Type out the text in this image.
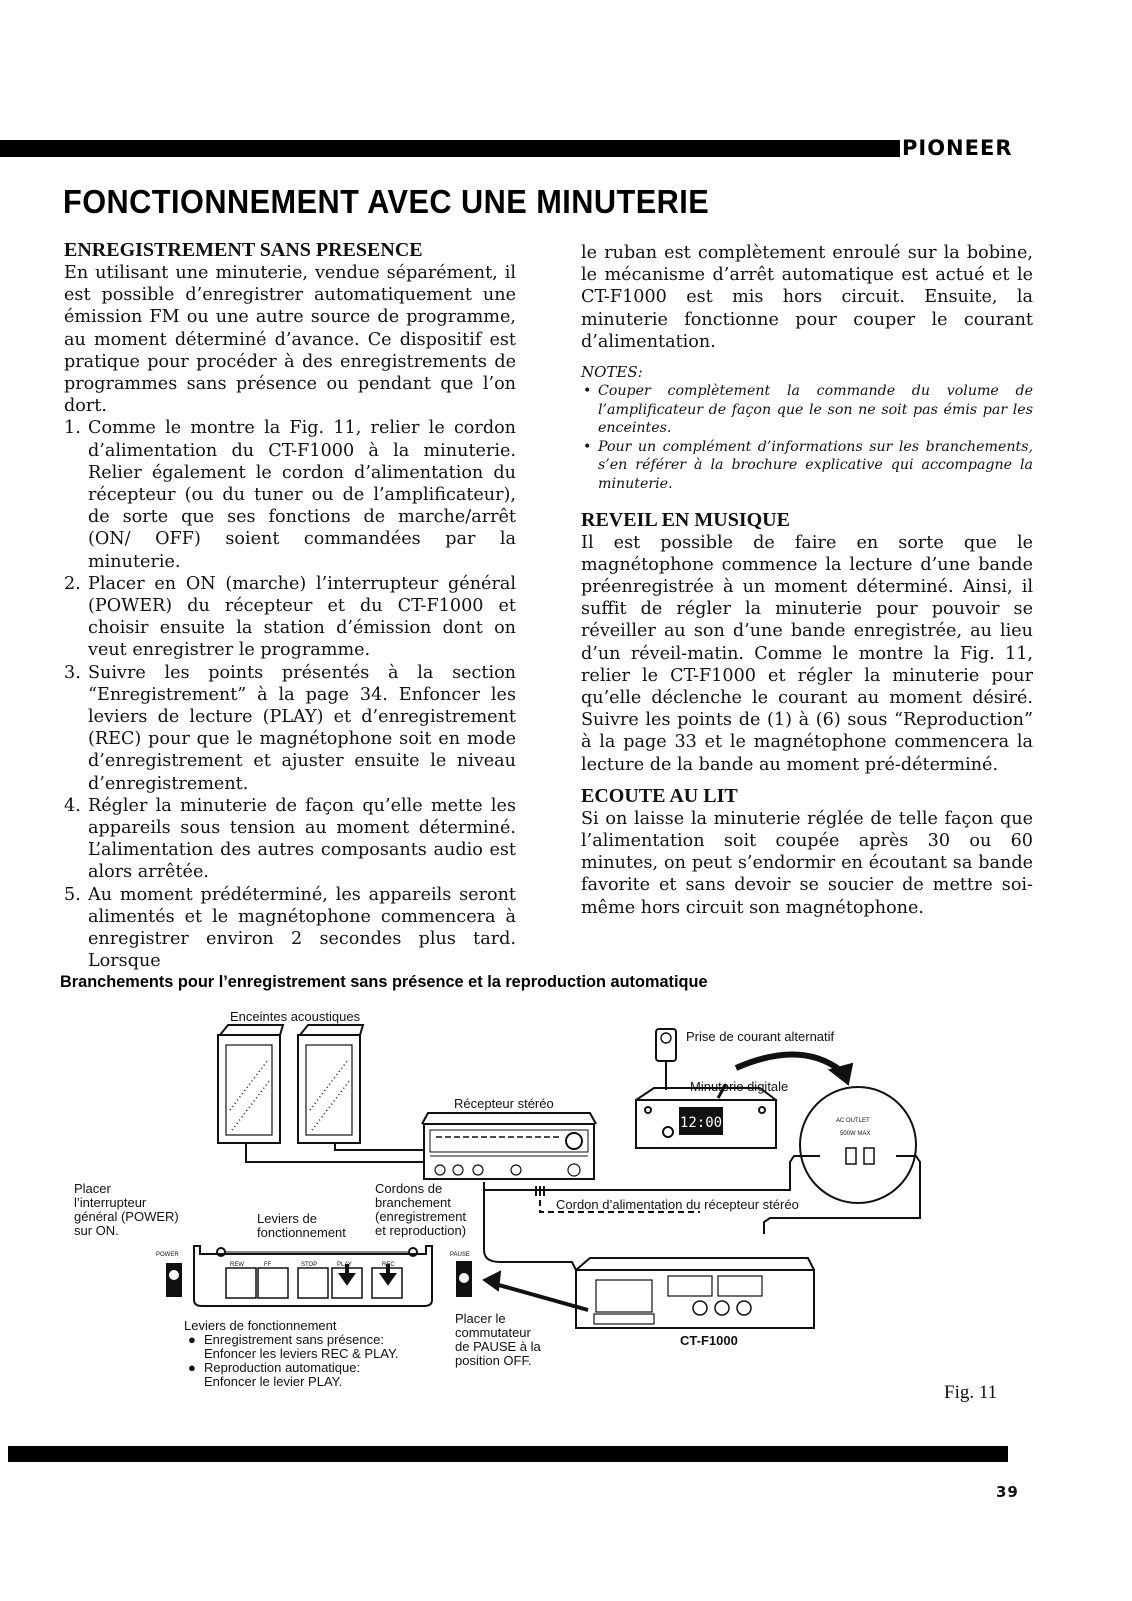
PIONEER
FONCTIONNEMENT AVEC UNE MINUTERIE
ENREGISTREMENT SANS PRESENCE

En utilisant une minuterie, vendue séparément, il est possible d’enregistrer automatiquement une émission FM ou une autre source de programme, au moment déterminé d’avance. Ce dispositif est pratique pour procéder à des enregistrements de programmes sans présence ou pendant que l’on dort.

1. Comme le montre la Fig. 11, relier le cordon d’alimentation du CT-F1000 à la minuterie. Relier également le cordon d’alimentation du récepteur (ou du tuner ou de l’amplificateur), de sorte que ses fonctions de marche/arrêt (ON/ OFF) soient commandées par la minuterie.
2. Placer en ON (marche) l’interrupteur général (POWER) du récepteur et du CT-F1000 et choisir ensuite la station d’émission dont on veut enregistrer le programme.
3. Suivre les points présentés à la section “Enregistrement” à la page 34. Enfoncer les leviers de lecture (PLAY) et d’enregistrement (REC) pour que le magnétophone soit en mode d’enregistrement et ajuster ensuite le niveau d’enregistrement.
4. Régler la minuterie de façon qu’elle mette les appareils sous tension au moment déterminé. L’alimentation des autres composants audio est alors arrêtée.
5. Au moment prédéterminé, les appareils seront alimentés et le magnétophone commencera à enregistrer environ 2 secondes plus tard. Lorsque

le ruban est complètement enroulé sur la bobine, le mécanisme d’arrêt automatique est actué et le CT-F1000 est mis hors circuit. Ensuite, la minuterie fonctionne pour couper le courant d’alimentation.

NOTES:
• Couper complètement la commande du volume de l’amplificateur de façon que le son ne soit pas émis par les enceintes.
• Pour un complément d’informations sur les branchements, s’en référer à la brochure explicative qui accompagne la minuterie.
REVEIL EN MUSIQUE

Il est possible de faire en sorte que le magnétophone commence la lecture d’une bande préenregistrée à un moment déterminé. Ainsi, il suffit de régler la minuterie pour pouvoir se réveiller au son d’une bande enregistrée, au lieu d’un réveil-matin. Comme le montre la Fig. 11, relier le CT-F1000 et régler la minuterie pour qu’elle déclenche le courant au moment désiré. Suivre les points de (1) à (6) sous “Reproduction” à la page 33 et le magnétophone commencera la lecture de la bande au moment pré-déterminé.

ECOUTE AU LIT

Si on laisse la minuterie réglée de telle façon que l’alimentation soit coupée après 30 ou 60 minutes, on peut s’endormir en écoutant sa bande favorite et sans devoir se soucier de mettre soi-même hors circuit son magnétophone.

Branchements pour l’enregistrement sans présence et la reproduction automatique
12:00
Enceintes acoustiques
Récepteur stéréo
Prise de courant alternatif
Minuterie digitale
AC OUTLET
500W MAX
Placer
l’interrupteur
général (POWER)
sur ON.
Leviers de
fonctionnement
Cordons de
branchement
(enregistrement
et reproduction)
Cordon d’alimentation du récepteur stéréo
POWER	PAUSE
REW	FF	STOP	PLAY	REC
Placer le
commutateur
de PAUSE à la
position OFF.
CT-F1000
Leviers de fonctionnement
● Enregistrement sans présence:
Enfoncer les leviers REC & PLAY.
● Reproduction automatique:
Enfoncer le levier PLAY.
Fig. 11
39
